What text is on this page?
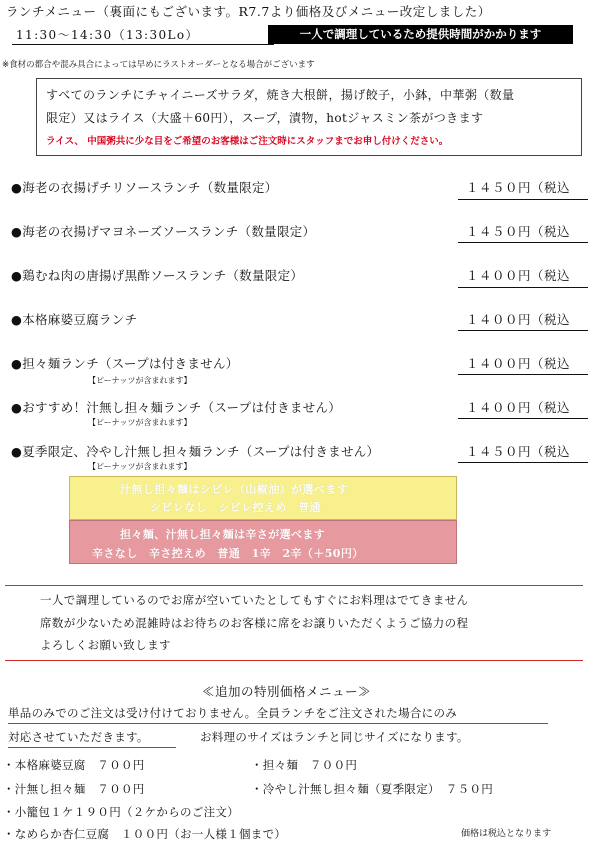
ランチメニュー（裏面にもございます。R7.7より価格及びメニュー改定しました）
11:30〜14:30（13:30Lo）	一人で調理しているため提供時間がかかります
※食材の都合や混み具合によっては早めにラストオーダーとなる場合がございます
すべてのランチにチャイニーズサラダ，焼き大根餅，揚げ餃子，小鉢，中華粥（数量
限定）又はライス（大盛＋60円），スープ，漬物，hotジャスミン茶がつきます
ライス、 中国粥共に少な目をご希望のお客様はご注文時にスタッフまでお申し付けください。
●海老の衣揚げチリソースランチ（数量限定）	１４５０円（税込
●海老の衣揚げマヨネーズソースランチ（数量限定）	１４５０円（税込
●鶏むね肉の唐揚げ黒酢ソースランチ（数量限定）	１４００円（税込
●本格麻婆豆腐ランチ	１４００円（税込
●担々麺ランチ（スープは付きません）	１４００円（税込
【ピーナッツが含まれます】
●おすすめ！汁無し担々麺ランチ（スープは付きません）	１４００円（税込
【ピーナッツが含まれます】
●夏季限定、冷やし汁無し担々麺ランチ（スープは付きません）	１４５０円（税込
【ピーナッツが含まれます】
汁無し担々麺はシビレ（山椒油）が選べます
シビレなし　シビレ控えめ　普通
担々麺、汁無し担々麺は辛さが選べます
辛さなし　辛さ控えめ　普通　1辛　2辛（＋50円）
一人で調理しているのでお席が空いていたとしてもすぐにお料理はでてきません
席数が少ないため混雑時はお待ちのお客様に席をお譲りいただくようご協力の程
よろしくお願い致します
≪追加の特別価格メニュー≫
単品のみでのご注文は受け付けておりません。全員ランチをご注文された場合にのみ
対応させていただきます。	お料理のサイズはランチと同じサイズになります。
・本格麻婆豆腐　７００円	・担々麺　７００円
・汁無し担々麺　７００円	・冷やし汁無し担々麺（夏季限定）　７５０円
・小籠包１ケ１９０円（２ケからのご注文）
・なめらか杏仁豆腐　１００円（お一人様１個まで）	価格は税込となります
